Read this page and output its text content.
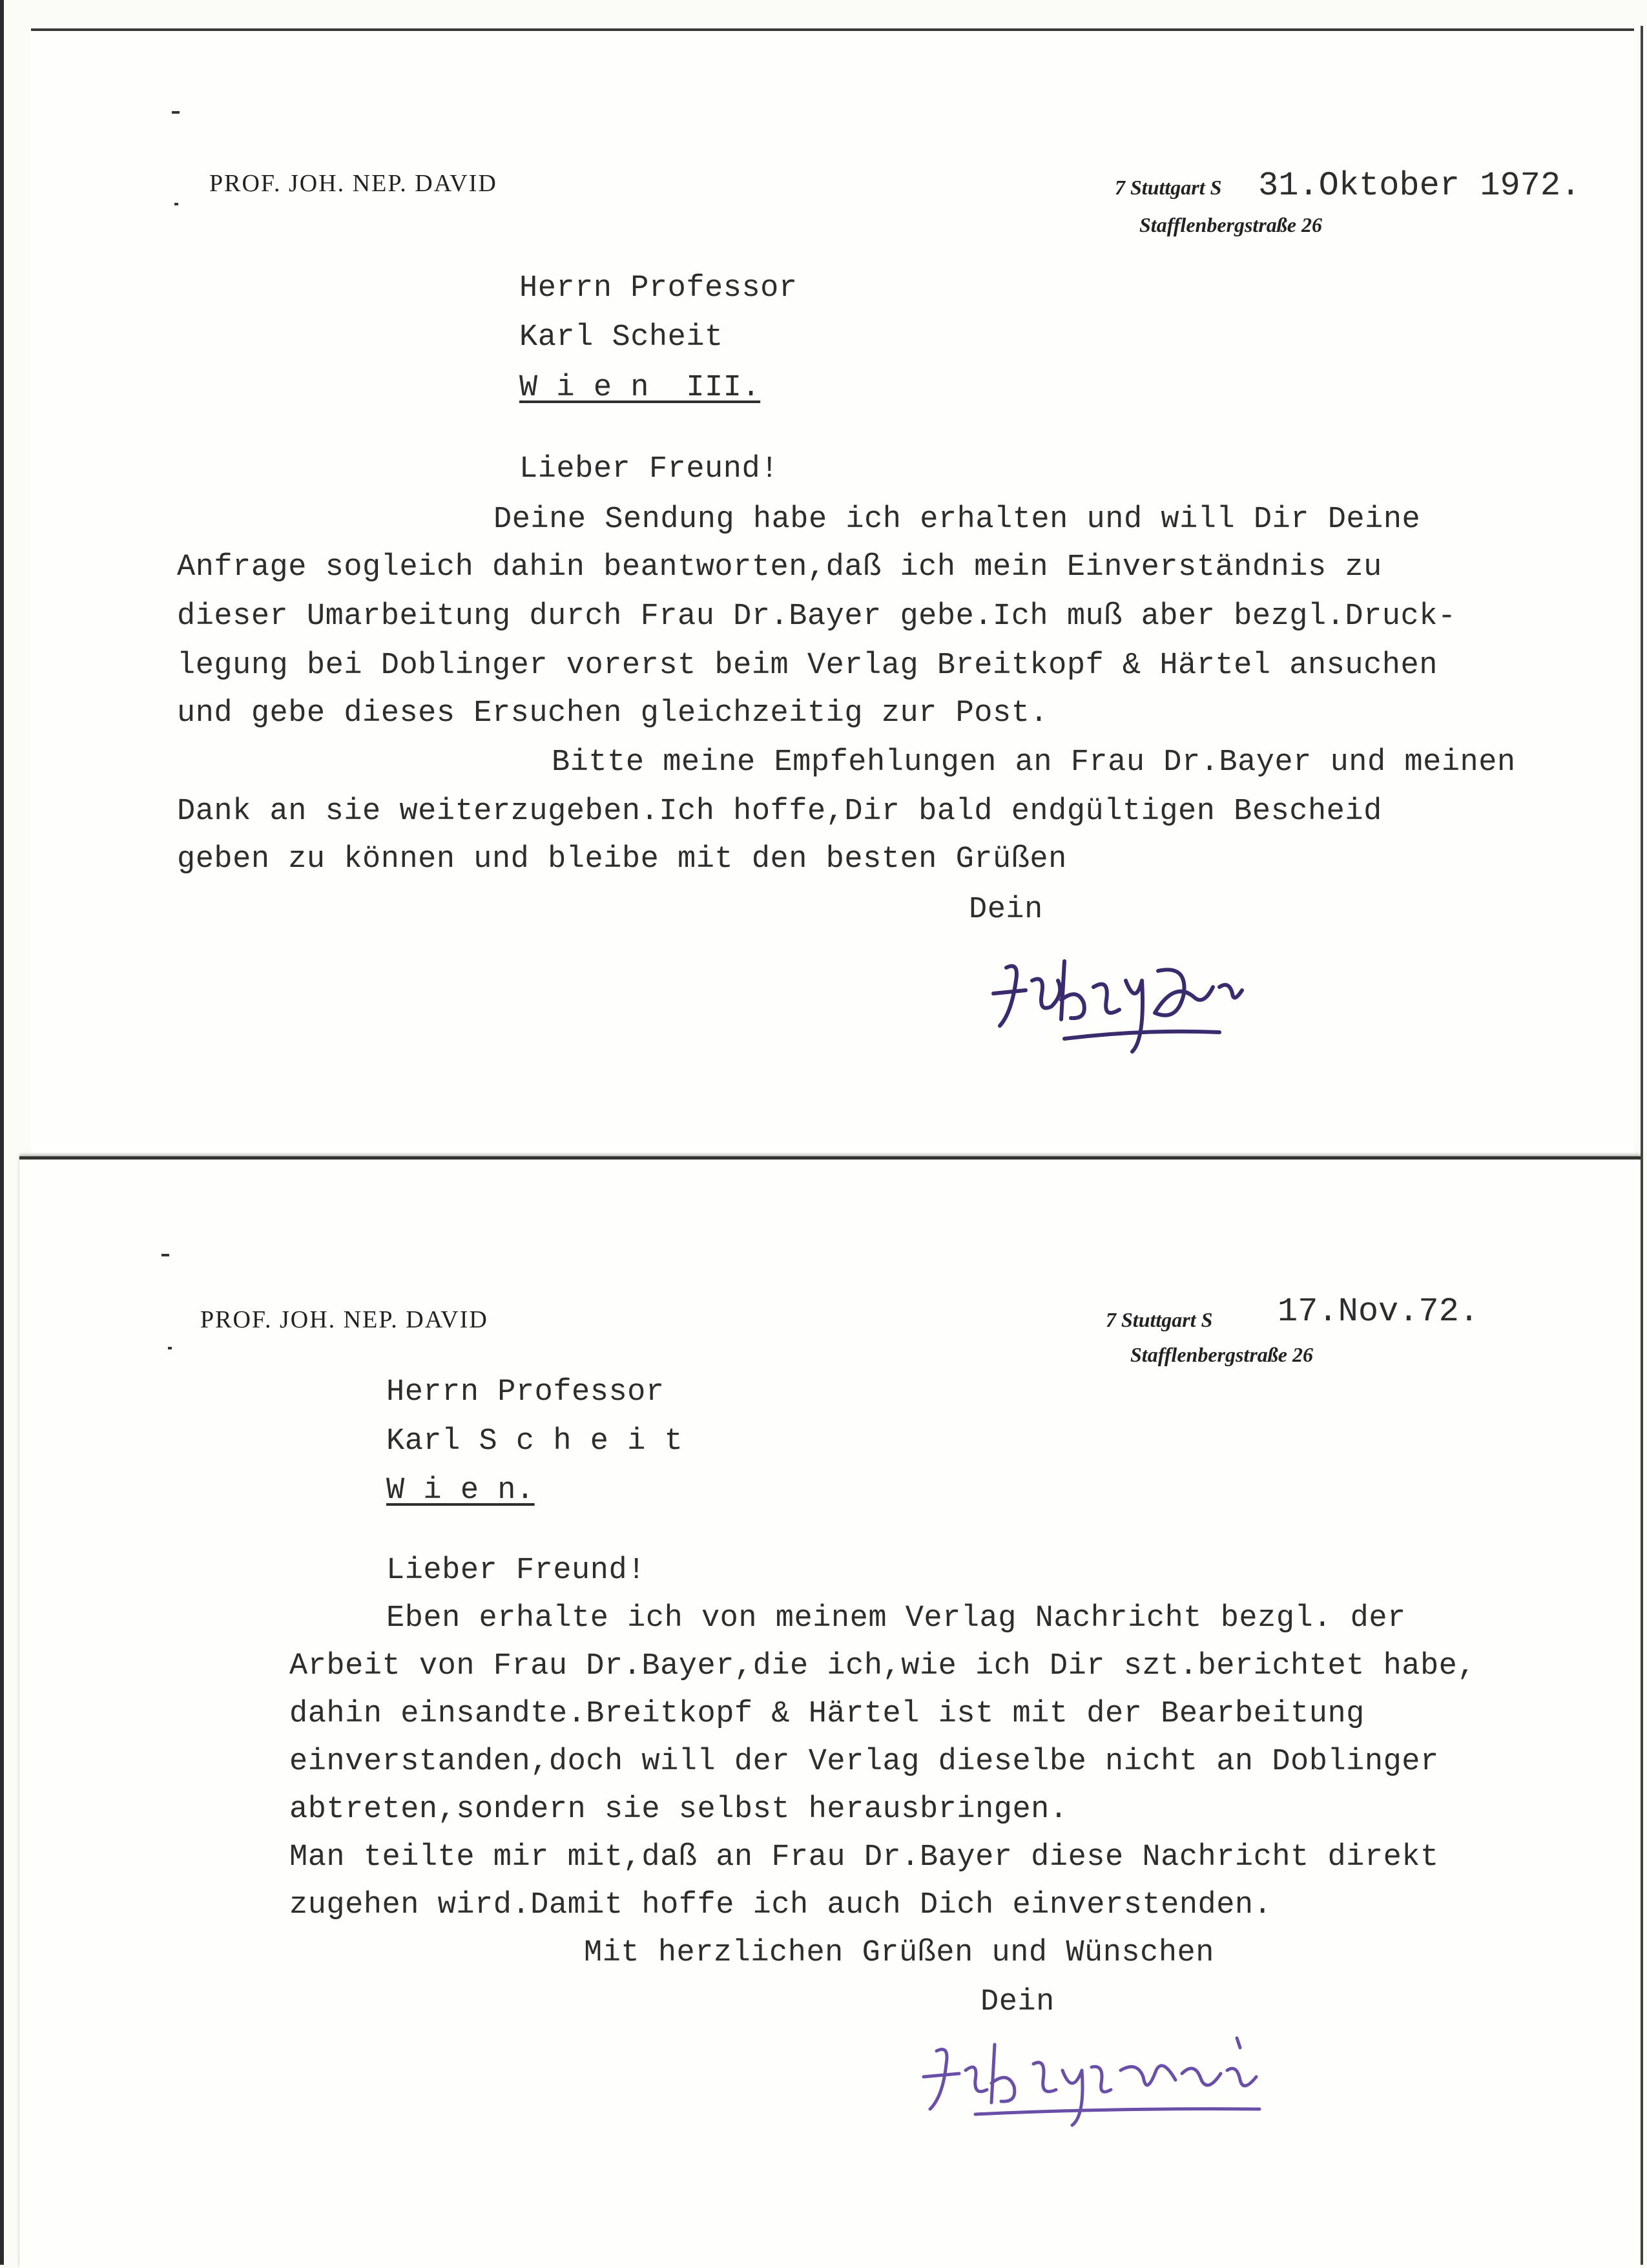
PROF. JOH. NEP. DAVID	7 Stuttgart S 31.Oktober 1972.
Stafflenbergstraße 26
Herrn Professor
Karl Scheit
W i e n  III.
Lieber Freund!
Deine Sendung habe ich erhalten und will Dir Deine
Anfrage sogleich dahin beantworten,daß ich mein Einverständnis zu
dieser Umarbeitung durch Frau Dr.Bayer gebe.Ich muß aber bezgl.Druck-
legung bei Doblinger vorerst beim Verlag Breitkopf & Härtel ansuchen
und gebe dieses Ersuchen gleichzeitig zur Post.
Bitte meine Empfehlungen an Frau Dr.Bayer und meinen
Dank an sie weiterzugeben.Ich hoffe,Dir bald endgültigen Bescheid
geben zu können und bleibe mit den besten Grüßen
Dein
PROF. JOH. NEP. DAVID	7 Stuttgart S 17.Nov.72.
Stafflenbergstraße 26
Herrn Professor
Karl S c h e i t
W i e n.
Lieber Freund!
Eben erhalte ich von meinem Verlag Nachricht bezgl. der
Arbeit von Frau Dr.Bayer,die ich,wie ich Dir szt.berichtet habe,
dahin einsandte.Breitkopf & Härtel ist mit der Bearbeitung
einverstanden,doch will der Verlag dieselbe nicht an Doblinger
abtreten,sondern sie selbst herausbringen.
Man teilte mir mit,daß an Frau Dr.Bayer diese Nachricht direkt
zugehen wird.Damit hoffe ich auch Dich einverstenden.
Mit herzlichen Grüßen und Wünschen
Dein
